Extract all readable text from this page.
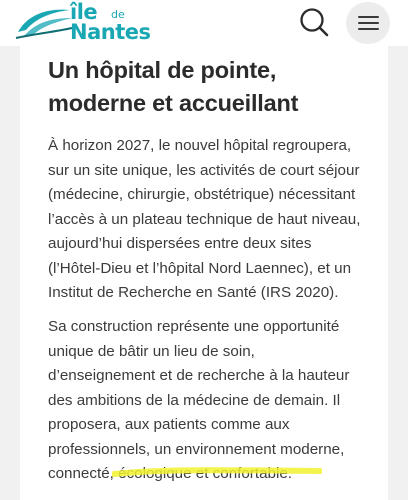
île de
Nantes
Un hôpital de pointe,
moderne et accueillant

À horizon 2027, le nouvel hôpital regroupera,
sur un site unique, les activités de court séjour
(médecine, chirurgie, obstétrique) nécessitant
l’accès à un plateau technique de haut niveau,
aujourd’hui dispersées entre deux sites
(l’Hôtel-Dieu et l’hôpital Nord Laennec), et un
Institut de Recherche en Santé (IRS 2020).

Sa construction représente une opportunité
unique de bâtir un lieu de soin,
d’enseignement et de recherche à la hauteur
des ambitions de la médecine de demain. Il
proposera, aux patients comme aux
professionnels, un environnement moderne,
connecté, écologique et confortable.
